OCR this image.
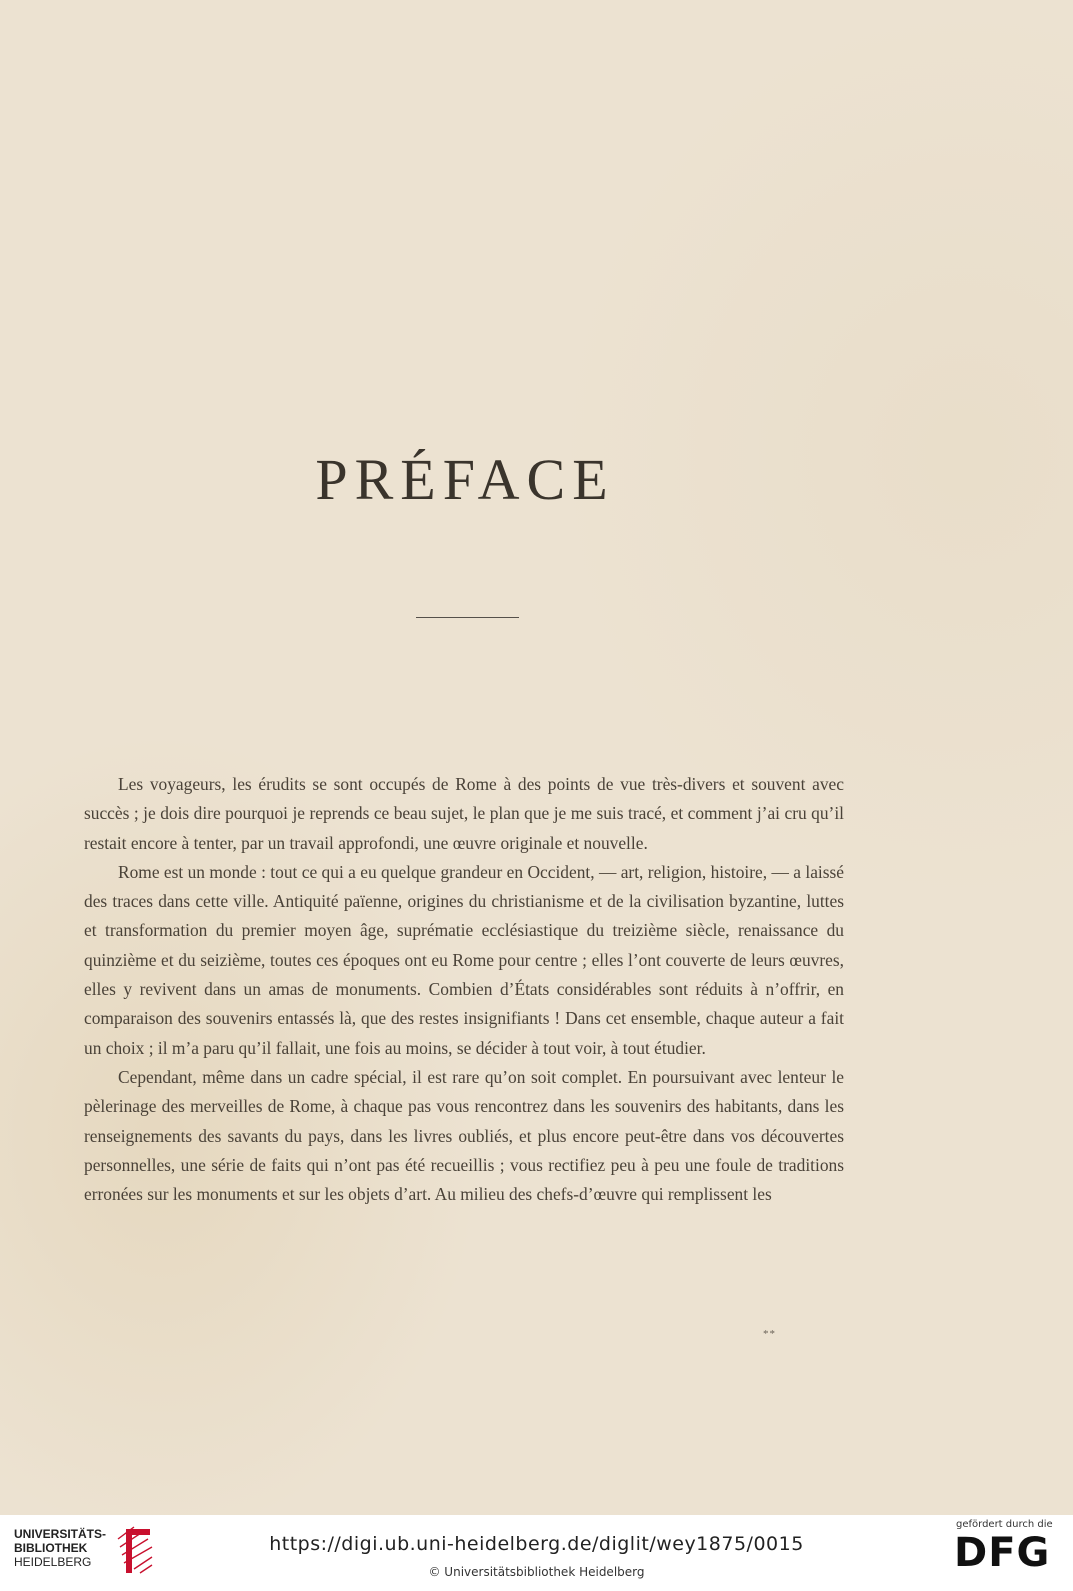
PRÉFACE

Les voyageurs, les érudits se sont occupés de Rome à des points de vue très-divers et souvent avec succès ; je dois dire pourquoi je reprends ce beau sujet, le plan que je me suis tracé, et comment j’ai cru qu’il restait encore à tenter, par un travail approfondi, une œuvre originale et nouvelle.

Rome est un monde : tout ce qui a eu quelque grandeur en Occident, — art, religion, histoire, — a laissé des traces dans cette ville. Antiquité païenne, origines du christianisme et de la civilisation byzantine, luttes et transformation du premier moyen âge, suprématie ecclésiastique du treizième siècle, renaissance du quinzième et du seizième, toutes ces époques ont eu Rome pour centre ; elles l’ont couverte de leurs œuvres, elles y revivent dans un amas de monuments. Combien d’États considérables sont réduits à n’offrir, en comparaison des souvenirs entassés là, que des restes insignifiants ! Dans cet ensemble, chaque auteur a fait un choix ; il m’a paru qu’il fallait, une fois au moins, se décider à tout voir, à tout étudier.

Cependant, même dans un cadre spécial, il est rare qu’on soit complet. En poursuivant avec lenteur le pèlerinage des merveilles de Rome, à chaque pas vous rencontrez dans les souvenirs des habitants, dans les renseignements des savants du pays, dans les livres oubliés, et plus encore peut-être dans vos découvertes personnelles, une série de faits qui n’ont pas été recueillis ; vous rectifiez peu à peu une foule de traditions erronées sur les monuments et sur les objets d’art. Au milieu des chefs-d’œuvre qui remplissent les

**
UNIVERSITÄTS-
BIBLIOTHEK
HEIDELBERG
https://digi.ub.uni-heidelberg.de/diglit/wey1875/0015
© Universitätsbibliothek Heidelberg
gefördert durch die
DFG
